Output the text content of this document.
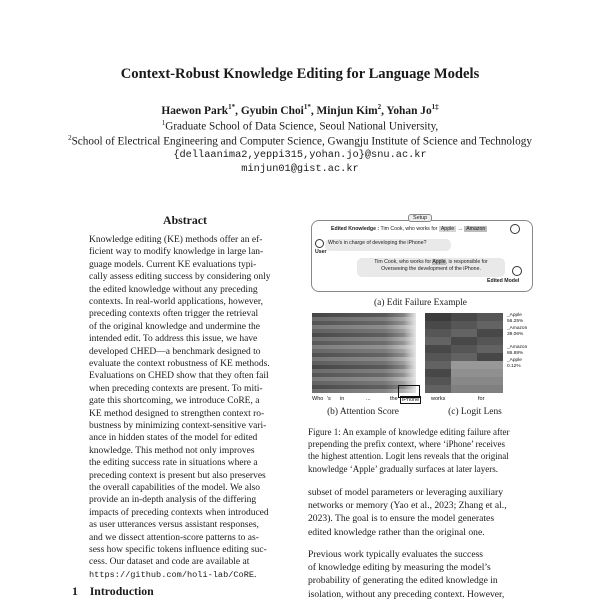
Context-Robust Knowledge Editing for Language Models
Haewon Park$^{1*}$, Gyubin Choi$^{1*}$, Minjun Kim$^2$, Yohan $Jo^{1\ddagger}$
$^1$Graduate School of Data Science, Seoul National University,
$^2$School of Electrical Engineering and Computer Science, Gwangju Institute of Science and Technology
{dellaanima2,yeppi315,yohan.jo}@snu.ac.kr
minjun01@gist.ac.kr
Abstract
Knowledge editing (KE) methods offer an ef-
ficient way to modify knowledge in large lan-
guage models. Current KE evaluations typi-
cally assess editing success by considering only
the edited knowledge without any preceding
contexts. In real-world applications, however,
preceding contexts often trigger the retrieval
of the original knowledge and undermine the
intended edit. To address this issue, we have
developed CHED—a benchmark designed to
evaluate the context robustness of KE methods.
Evaluations on CHED show that they often fail
when preceding contexts are present. To miti-
gate this shortcoming, we introduce CoRE, a
KE method designed to strengthen context ro-
bustness by minimizing context-sensitive vari-
ance in hidden states of the model for edited
knowledge. This method not only improves
the editing success rate in situations where a
preceding context is present but also preserves
the overall capabilities of the model. We also
provide an in-depth analysis of the differing
impacts of preceding contexts when introduced
as user utterances versus assistant responses,
and we dissect attention-score patterns to as-
sess how specific tokens influence editing suc-
cess. Our dataset and code are available at
https://github.com/holi-lab/CoRE.
1 Introduction
Setup
Edited Knowledge : Tim Cook, who works for Apple → Amazon
Who's in charge of developing the iPhone?
User
Tim Cook, who works for Apple, is responsible for
Overseeing the development of the iPhone.
Edited Model
(a) Edit Failure Example
Who 's in	...	the iPhone
(b) Attention Score
works	for
_Apple
56.25%
_Amazon
39.06%
_Amazon
86.88%
_Apple
0.12%
(c) Logit Lens
Figure 1: An example of knowledge editing failure after
prepending the prefix context, where ‘iPhone’ receives
the highest attention. Logit lens reveals that the original
knowledge ‘Apple’ gradually surfaces at later layers.
subset of model parameters or leveraging auxiliary
networks or memory (Yao et al., 2023; Zhang et al.,
2023). The goal is to ensure the model generates
edited knowledge rather than the original one.
Previous work typically evaluates the success
of knowledge editing by measuring the model’s
probability of generating the edited knowledge in
isolation, without any preceding context. However,
